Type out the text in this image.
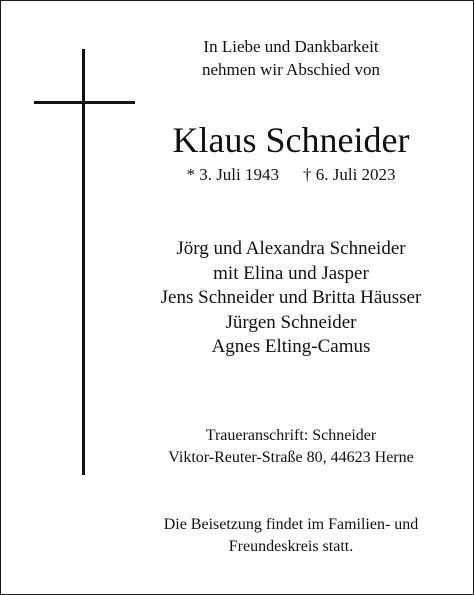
In Liebe und Dankbarkeit
nehmen wir Abschied von
Klaus Schneider
* 3. Juli 1943 † 6. Juli 2023
Jörg und Alexandra Schneider
mit Elina und Jasper
Jens Schneider und Britta Häusser
Jürgen Schneider
Agnes Elting-Camus
Traueranschrift: Schneider
Viktor-Reuter-Straße 80, 44623 Herne
Die Beisetzung findet im Familien- und
Freundeskreis statt.
